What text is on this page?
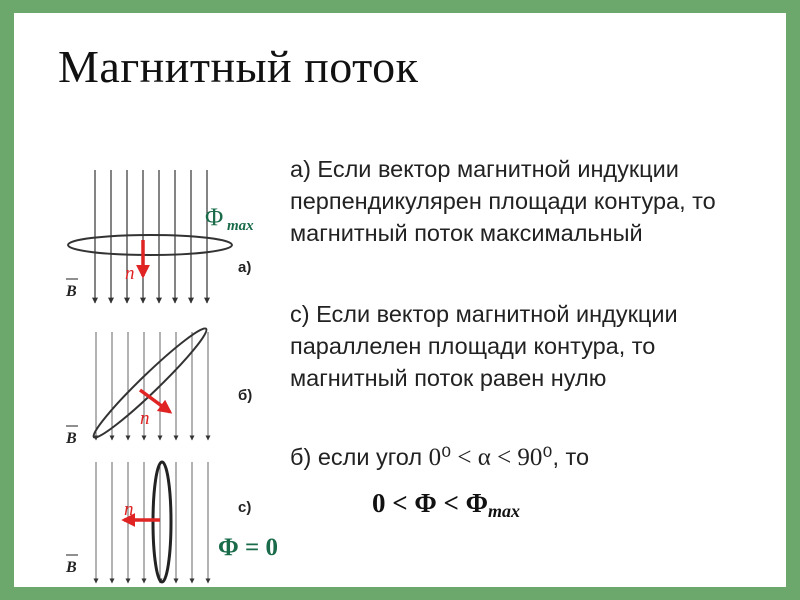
Магнитный поток
а) Если вектор магнитной индукции перпендикулярен площади контура, то магнитный поток максимальный
с) Если вектор магнитной индукции параллелен площади контура, то магнитный поток равен нулю
б) если угол 0⁰ < α < 90⁰, то
0 < Φ < Φmax
n
B
Φ max
а)
n
B
б)
n
B
с)
Φ = 0
